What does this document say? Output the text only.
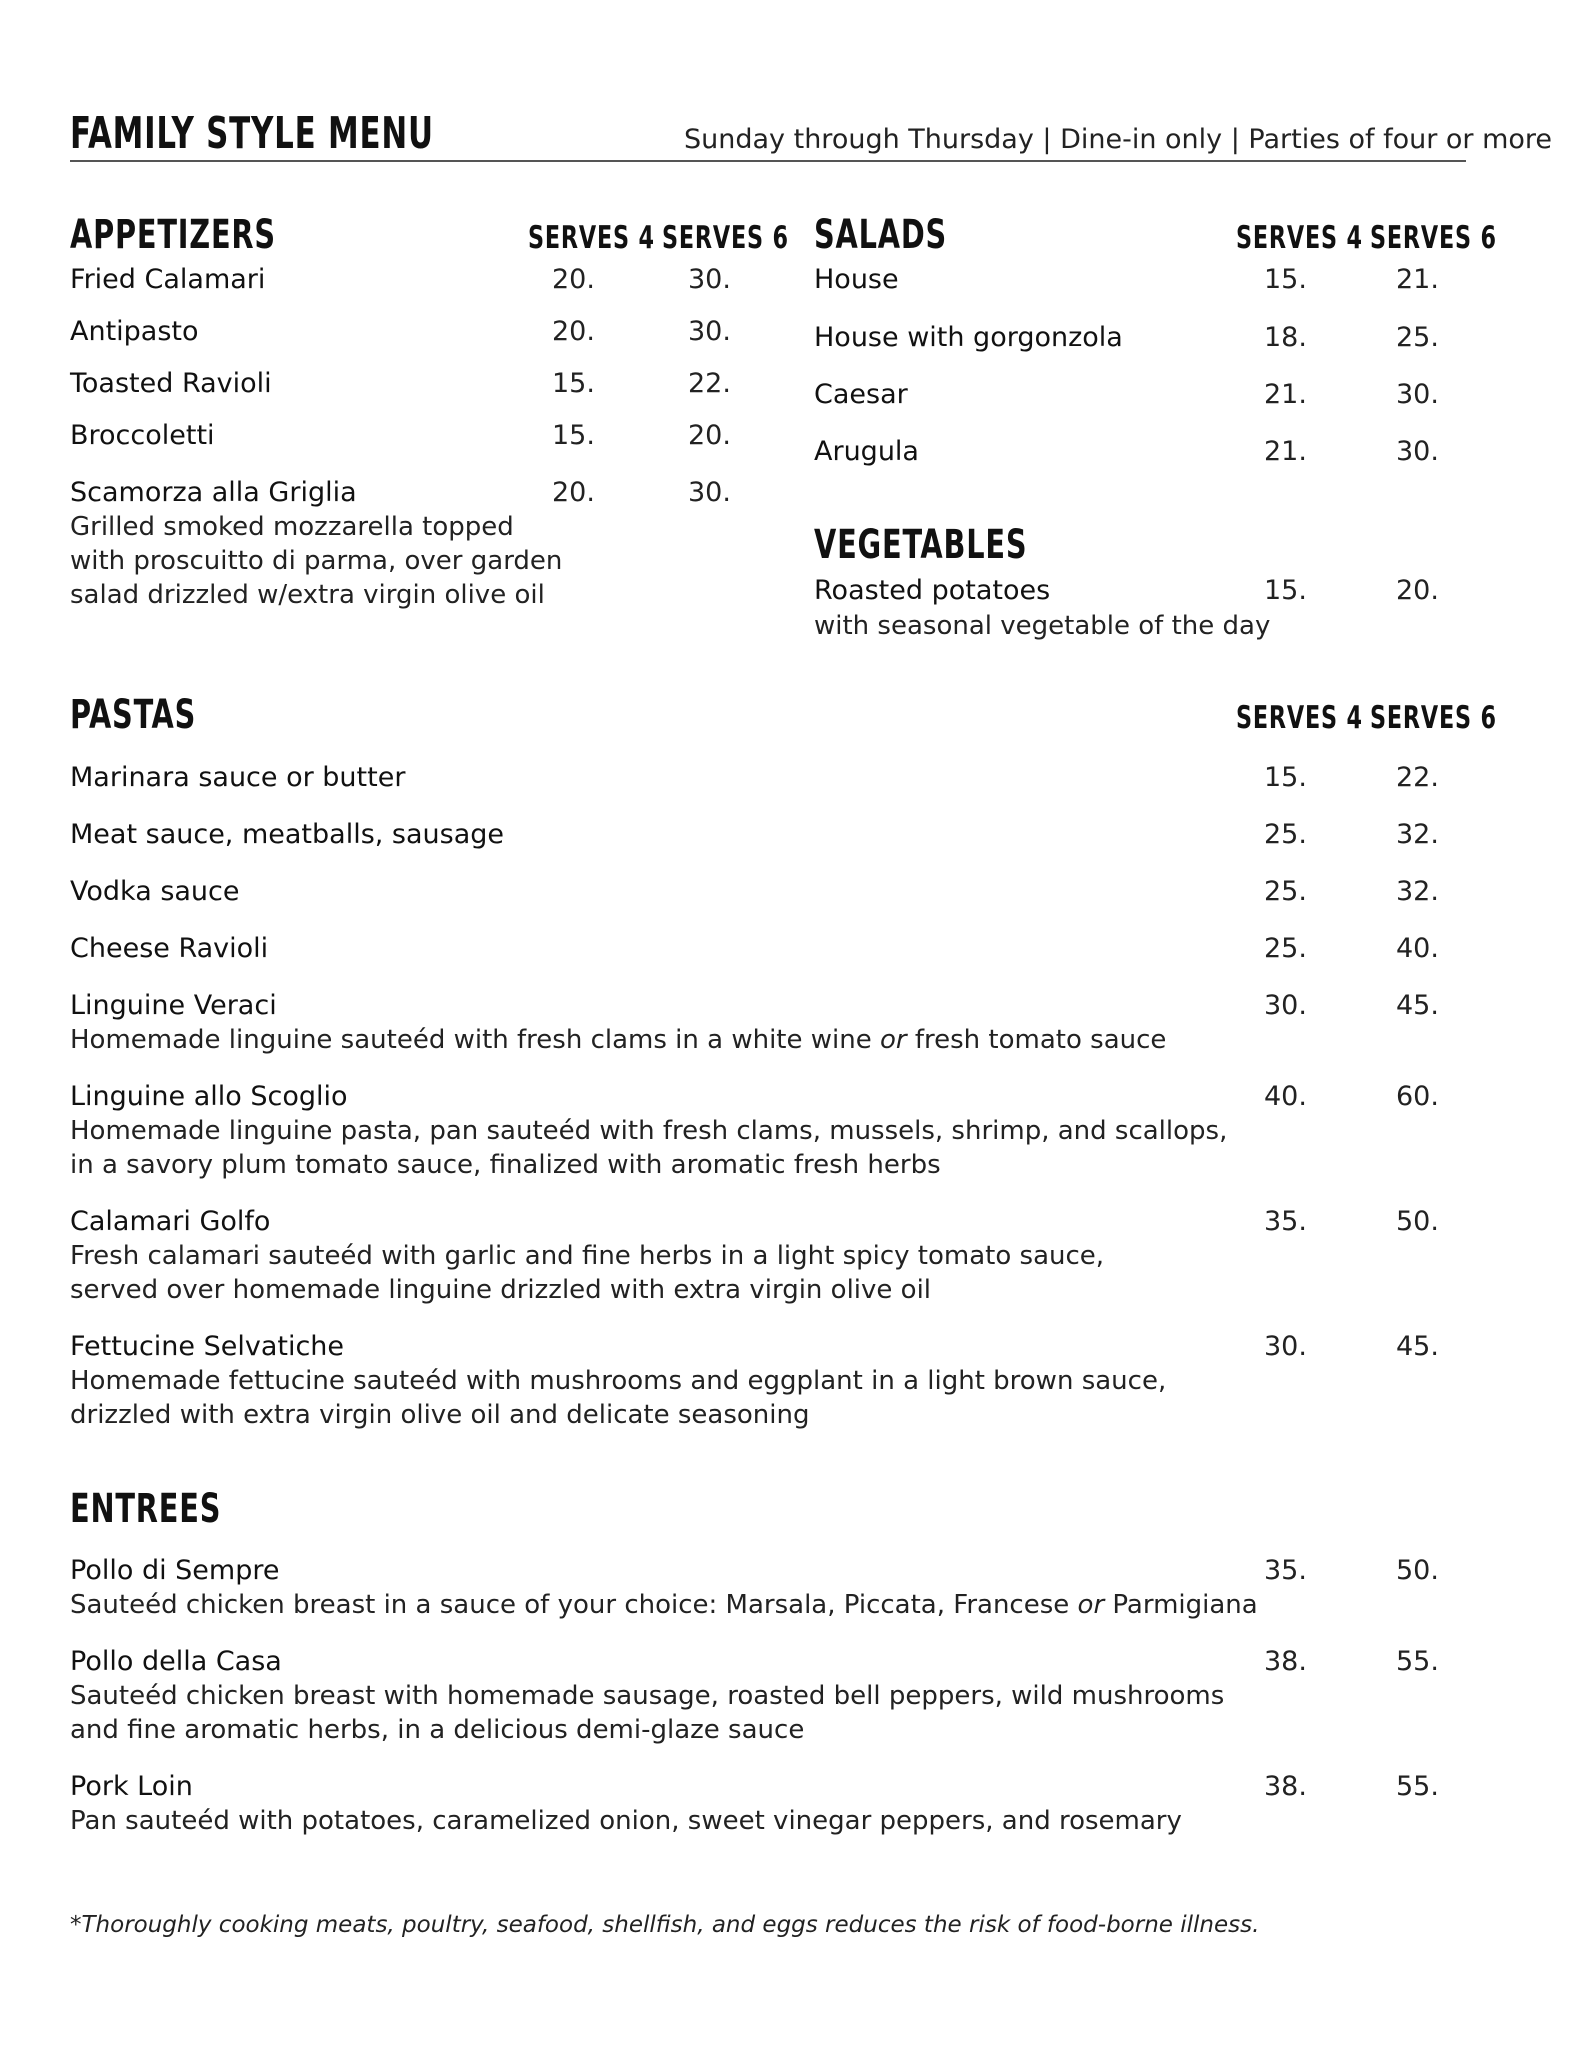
FAMILY STYLE MENU	Sunday through Thursday | Dine-in only | Parties of four or more
APPETIZERS	SERVES 4 SERVES 6
Fried Calamari	20.	30.
Antipasto	20.	30.
Toasted Ravioli	15.	22.
Broccoletti	15.	20.
Scamorza alla Griglia	20.	30.
Grilled smoked mozzarella topped
with proscuitto di parma, over garden
salad drizzled w/extra virgin olive oil
SALADS	SERVES 4 SERVES 6
House	15.	21.
House with gorgonzola	18.	25.
Caesar	21.	30.
Arugula	21.	30.
VEGETABLES
Roasted potatoes	15.	20.
with seasonal vegetable of the day
PASTAS	SERVES 4 SERVES 6
Marinara sauce or butter	15.	22.
Meat sauce, meatballs, sausage	25.	32.
Vodka sauce	25.	32.
Cheese Ravioli	25.	40.
Linguine Veraci	30.	45.
Homemade linguine sauteéd with fresh clams in a white wine or fresh tomato sauce
Linguine allo Scoglio	40.	60.
Homemade linguine pasta, pan sauteéd with fresh clams, mussels, shrimp, and scallops,
in a savory plum tomato sauce, finalized with aromatic fresh herbs
Calamari Golfo	35.	50.
Fresh calamari sauteéd with garlic and fine herbs in a light spicy tomato sauce,
served over homemade linguine drizzled with extra virgin olive oil
Fettucine Selvatiche	30.	45.
Homemade fettucine sauteéd with mushrooms and eggplant in a light brown sauce,
drizzled with extra virgin olive oil and delicate seasoning
ENTREES
Pollo di Sempre	35.	50.
Sauteéd chicken breast in a sauce of your choice: Marsala, Piccata, Francese or Parmigiana
Pollo della Casa	38.	55.
Sauteéd chicken breast with homemade sausage, roasted bell peppers, wild mushrooms
and fine aromatic herbs, in a delicious demi-glaze sauce
Pork Loin	38.	55.
Pan sauteéd with potatoes, caramelized onion, sweet vinegar peppers, and rosemary
*Thoroughly cooking meats, poultry, seafood, shellfish, and eggs reduces the risk of food-borne illness.
